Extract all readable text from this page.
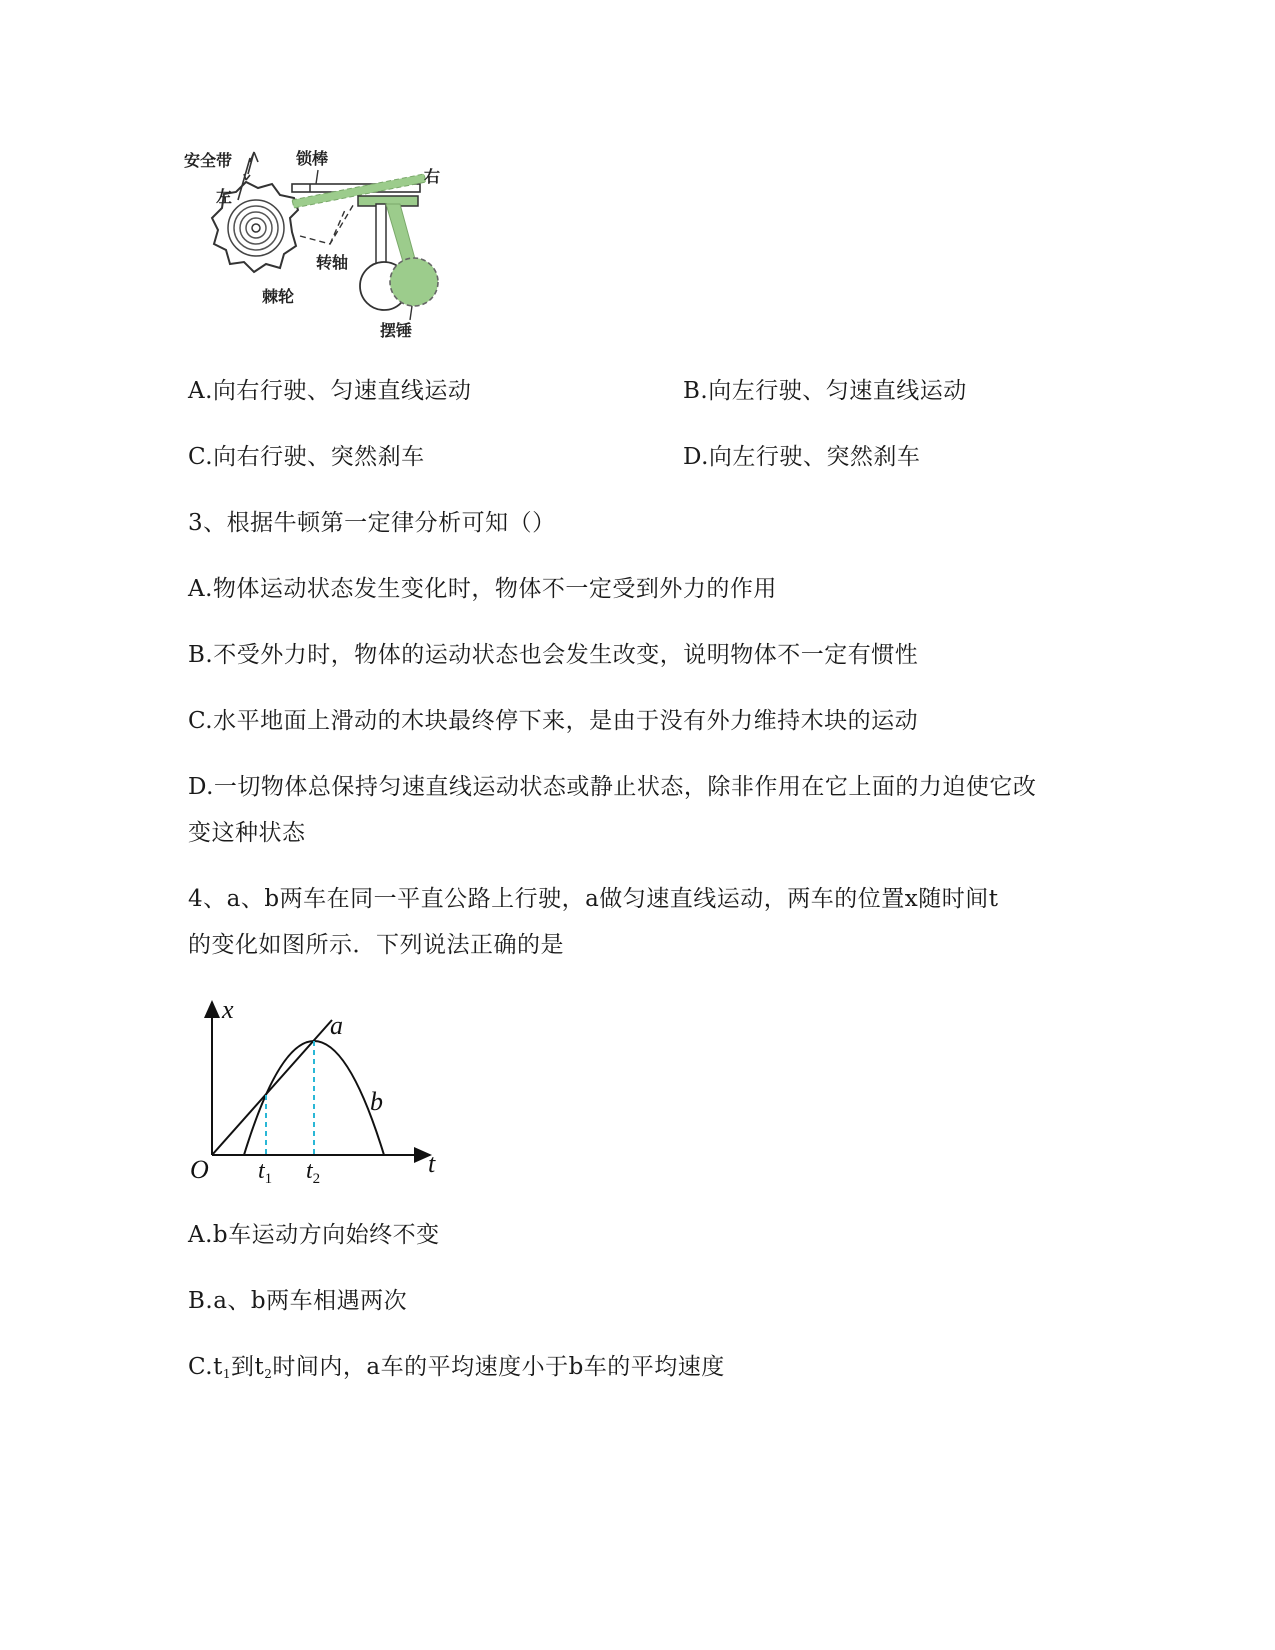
安全带
左
锁棒
右
转轴
棘轮
摆锤
A.向右行驶、匀速直线运动	B.向左行驶、匀速直线运动
C.向右行驶、突然刹车	D.向左行驶、突然刹车
3、根据牛顿第一定律分析可知（）
A.物体运动状态发生变化时，物体不一定受到外力的作用
B.不受外力时，物体的运动状态也会发生改变，说明物体不一定有惯性
C.水平地面上滑动的木块最终停下来，是由于没有外力维持木块的运动
D.一切物体总保持匀速直线运动状态或静止状态，除非作用在它上面的力迫使它改
变这种状态
4、a、b两车在同一平直公路上行驶，a做匀速直线运动，两车的位置x随时间t
的变化如图所示．下列说法正确的是
x
t
O $t_1$ $t_2$
a
b
A.b车运动方向始终不变
B.a、b两车相遇两次
$C.t_1$到$t_2$时间内，a车的平均速度小于b车的平均速度
